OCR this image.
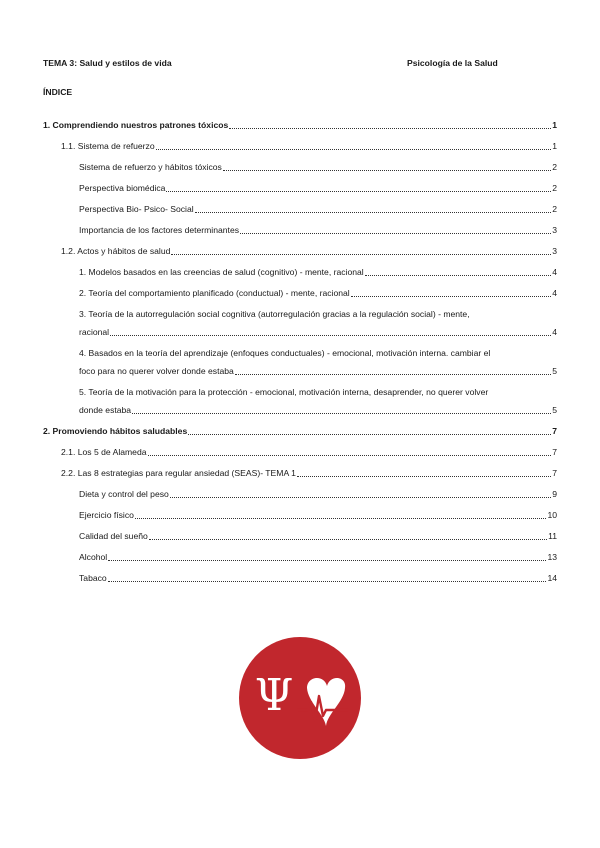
TEMA 3: Salud y estilos de vida	Psicología de la Salud
ÍNDICE
1. Comprendiendo nuestros patrones tóxicos	1
1.1. Sistema de refuerzo	1
Sistema de refuerzo y hábitos tóxicos	2
Perspectiva biomédica	2
Perspectiva Bio- Psico- Social	2
Importancia de los factores determinantes	3
1.2. Actos y hábitos de salud	3
1. Modelos basados en las creencias de salud (cognitivo) - mente, racional	4
2. Teoría del comportamiento planificado (conductual) - mente, racional	4
3. Teoría de la autorregulación social cognitiva (autorregulación gracias a la regulación social) - mente,
racional	4
4. Basados en la teoría del aprendizaje (enfoques conductuales) - emocional, motivación interna. cambiar el
foco para no querer volver donde estaba	5
5. Teoría de la motivación para la protección - emocional, motivación interna, desaprender, no querer volver
donde estaba	5
2. Promoviendo hábitos saludables	7
2.1. Los 5 de Alameda	7
2.2. Las 8 estrategias para regular ansiedad (SEAS)- TEMA 1	7
Dieta y control del peso	9
Ejercicio físico	10
Calidad del sueño	11
Alcohol	13
Tabaco	14
Ψ
